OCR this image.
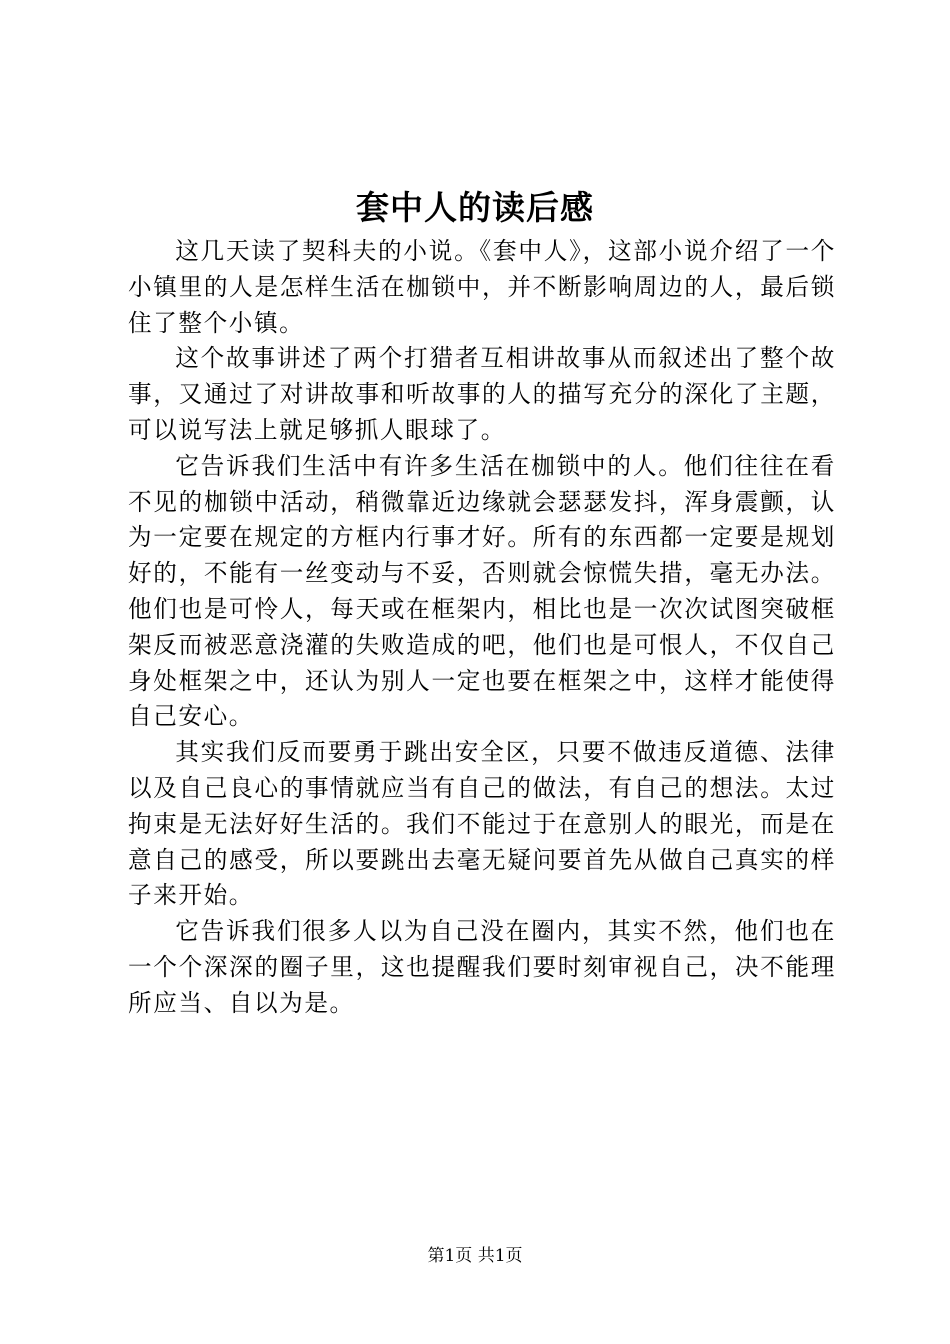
套中人的读后感

这几天读了契科夫的小说。《套中人》，这部小说介绍了一个小镇里的人是怎样生活在枷锁中，并不断影响周边的人，最后锁住了整个小镇。

这个故事讲述了两个打猎者互相讲故事从而叙述出了整个故事，又通过了对讲故事和听故事的人的描写充分的深化了主题，可以说写法上就足够抓人眼球了。

它告诉我们生活中有许多生活在枷锁中的人。他们往往在看不见的枷锁中活动，稍微靠近边缘就会瑟瑟发抖，浑身震颤，认为一定要在规定的方框内行事才好。所有的东西都一定要是规划好的，不能有一丝变动与不妥，否则就会惊慌失措，毫无办法。他们也是可怜人，每天或在框架内，相比也是一次次试图突破框架反而被恶意浇灌的失败造成的吧，他们也是可恨人，不仅自己身处框架之中，还认为别人一定也要在框架之中，这样才能使得自己安心。

其实我们反而要勇于跳出安全区，只要不做违反道德、法律以及自己良心的事情就应当有自己的做法，有自己的想法。太过拘束是无法好好生活的。我们不能过于在意别人的眼光，而是在意自己的感受，所以要跳出去毫无疑问要首先从做自己真实的样子来开始。

它告诉我们很多人以为自己没在圈内，其实不然，他们也在一个个深深的圈子里，这也提醒我们要时刻审视自己，决不能理所应当、自以为是。

第1页 共1页
